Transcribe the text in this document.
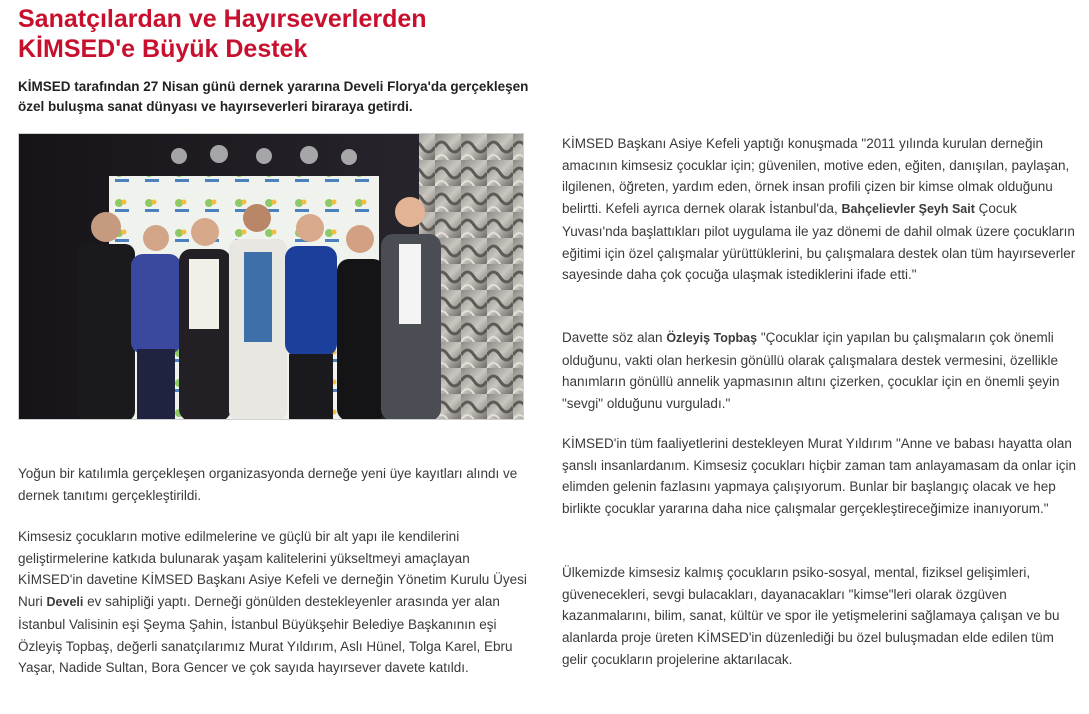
Sanatçılardan ve Hayırseverlerden
KİMSED'e Büyük Destek

KİMSED tarafından 27 Nisan günü dernek yararına Develi Florya'da gerçekleşen özel buluşma sanat dünyası ve hayırseverleri biraraya getirdi.

Yoğun bir katılımla gerçekleşen organizasyonda derneğe yeni üye kayıtları alındı ve dernek tanıtımı gerçekleştirildi.

Kimsesiz çocukların motive edilmelerine ve güçlü bir alt yapı ile kendilerini geliştirmelerine katkıda bulunarak yaşam kalitelerini yükseltmeyi amaçlayan KİMSED'in davetine KİMSED Başkanı Asiye Kefeli ve derneğin Yönetim Kurulu Üyesi Nuri Develi ev sahipliği yaptı. Derneği gönülden destekleyenler arasında yer alan İstanbul Valisinin eşi Şeyma Şahin, İstanbul Büyükşehir Belediye Başkanının eşi Özleyiş Topbaş, değerli sanatçılarımız Murat Yıldırım, Aslı Hünel, Tolga Karel, Ebru Yaşar, Nadide Sultan, Bora Gencer ve çok sayıda hayırsever davete katıldı.

KİMSED Başkanı Asiye Kefeli yaptığı konuşmada "2011 yılında kurulan derneğin amacının kimsesiz çocuklar için; güvenilen, motive eden, eğiten, danışılan, paylaşan, ilgilenen, öğreten, yardım eden, örnek insan profili çizen bir kimse olmak olduğunu belirtti. Kefeli ayrıca dernek olarak İstanbul'da, Bahçelievler Şeyh Sait Çocuk Yuvası'nda başlattıkları pilot uygulama ile yaz dönemi de dahil olmak üzere çocukların eğitimi için özel çalışmalar yürüttüklerini, bu çalışmalara destek olan tüm hayırseverler sayesinde daha çok çocuğa ulaşmak istediklerini ifade etti."

Davette söz alan Özleyiş Topbaş "Çocuklar için yapılan bu çalışmaların çok önemli olduğunu, vakti olan herkesin gönüllü olarak çalışmalara destek vermesini, özellikle hanımların gönüllü annelik yapmasının altını çizerken, çocuklar için en önemli şeyin "sevgi" olduğunu vurguladı."

KİMSED'in tüm faaliyetlerini destekleyen Murat Yıldırım "Anne ve babası hayatta olan şanslı insanlardanım. Kimsesiz çocukları hiçbir zaman tam anlayamasam da onlar için elimden gelenin fazlasını yapmaya çalışıyorum. Bunlar bir başlangıç olacak ve hep birlikte çocuklar yararına daha nice çalışmalar gerçekleştireceğimize inanıyorum."

Ülkemizde kimsesiz kalmış çocukların psiko-sosyal, mental, fiziksel gelişimleri, güvenecekleri, sevgi bulacakları, dayanacakları "kimse"leri olarak özgüven kazanmalarını, bilim, sanat, kültür ve spor ile yetişmelerini sağlamaya çalışan ve bu alanlarda proje üreten KİMSED'in düzenlediği bu özel buluşmadan elde edilen tüm gelir çocukların projelerine aktarılacak.
